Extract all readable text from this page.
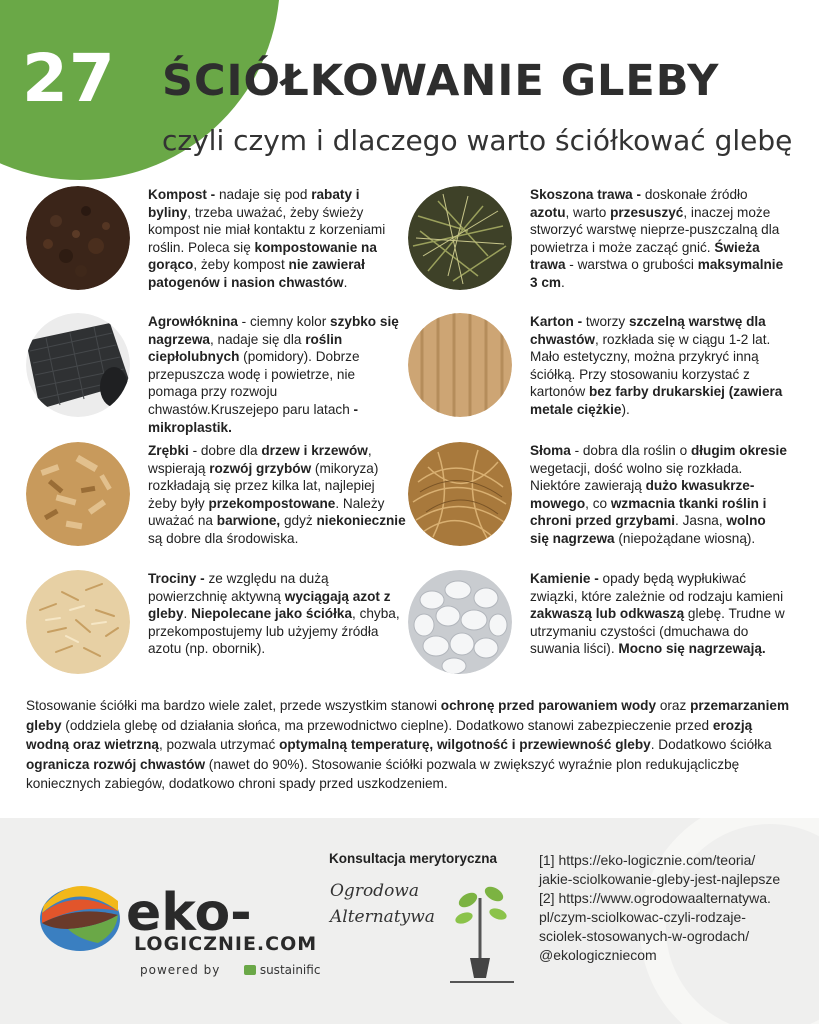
27 ŚCIÓŁKOWANIE GLEBY
czyli czym i dlaczego warto ściółkować glebę
Kompost - nadaje się pod rabaty i byliny, trzeba uważać, żeby świeży kompost nie miał kontaktu z korzeniami roślin. Poleca się kompostowanie na gorąco, żeby kompost nie zawierał patogenów i nasion chwastów.
Agrowłóknina - ciemny kolor szybko się nagrzewa, nadaje się dla roślin ciepłolubnych (pomidory). Dobrze przepuszcza wodę i powietrze, nie pomaga przy rozwoju chwastów.Kruszejepo paru latach - mikroplastik.
Zrębki - dobre dla drzew i krzewów, wspierają rozwój grzybów (mikoryza) rozkładają się przez kilka lat, najlepiej żeby były przekompostowane. Należy uważać na barwione, gdyż niekoniecznie są dobre dla środowiska.
Trociny - ze względu na dużą powierzchnię aktywną wyciągają azot z gleby. Niepolecane jako ściółka, chyba, przekompostujemy lub użyjemy źródła azotu (np. obornik).
Skoszona trawa - doskonałe źródło azotu, warto przesuszyć, inaczej może stworzyć warstwę nieprze-puszczalną dla powietrza i może zacząć gnić. Świeża trawa - warstwa o grubości maksymalnie 3 cm.
Karton - tworzy szczelną warstwę dla chwastów, rozkłada się w ciągu 1-2 lat. Mało estetyczny, można przykryć inną ściółką. Przy stosowaniu korzystać z kartonów bez farby drukarskiej (zawiera metale ciężkie).
Słoma - dobra dla roślin o długim okresie wegetacji, dość wolno się rozkłada. Niektóre zawierają dużo kwasukrze-mowego, co wzmacnia tkanki roślin i chroni przed grzybami. Jasna, wolno się nagrzewa (niepożądane wiosną).
Kamienie - opady będą wypłukiwać związki, które zależnie od rodzaju kamieni zakwaszą lub odkwaszą glebę. Trudne w utrzymaniu czystości (dmuchawa do suwania liści). Mocno się nagrzewają.
Stosowanie ściółki ma bardzo wiele zalet, przede wszystkim stanowi ochronę przed parowaniem wody oraz przemarzaniem gleby (oddziela glebę od działania słońca, ma przewodnictwo cieplne). Dodatkowo stanowi zabezpieczenie przed erozją wodną oraz wietrzną, pozwala utrzymać optymalną temperaturę, wilgotność i przewiewność gleby. Dodatkowo ściółka ogranicza rozwój chwastów (nawet do 90%). Stosowanie ściółki pozwala w zwiększyć wyraźnie plon redukującliczbę koniecznych zabiegów, dodatkowo chroni spady przed uszkodzeniem.
eko-
LOGICZNIE.COM
powered by	sustainific
Konsultacja merytoryczna
Ogrodowa Alternatywa
[1] https://eko-logicznie.com/teoria/
jakie-sciolkowanie-gleby-jest-najlepsze
[2] https://www.ogrodowaalternatywa.
pl/czym-sciolkowac-czyli-rodzaje-
sciolek-stosowanych-w-ogrodach/
@ekologiczniecom
